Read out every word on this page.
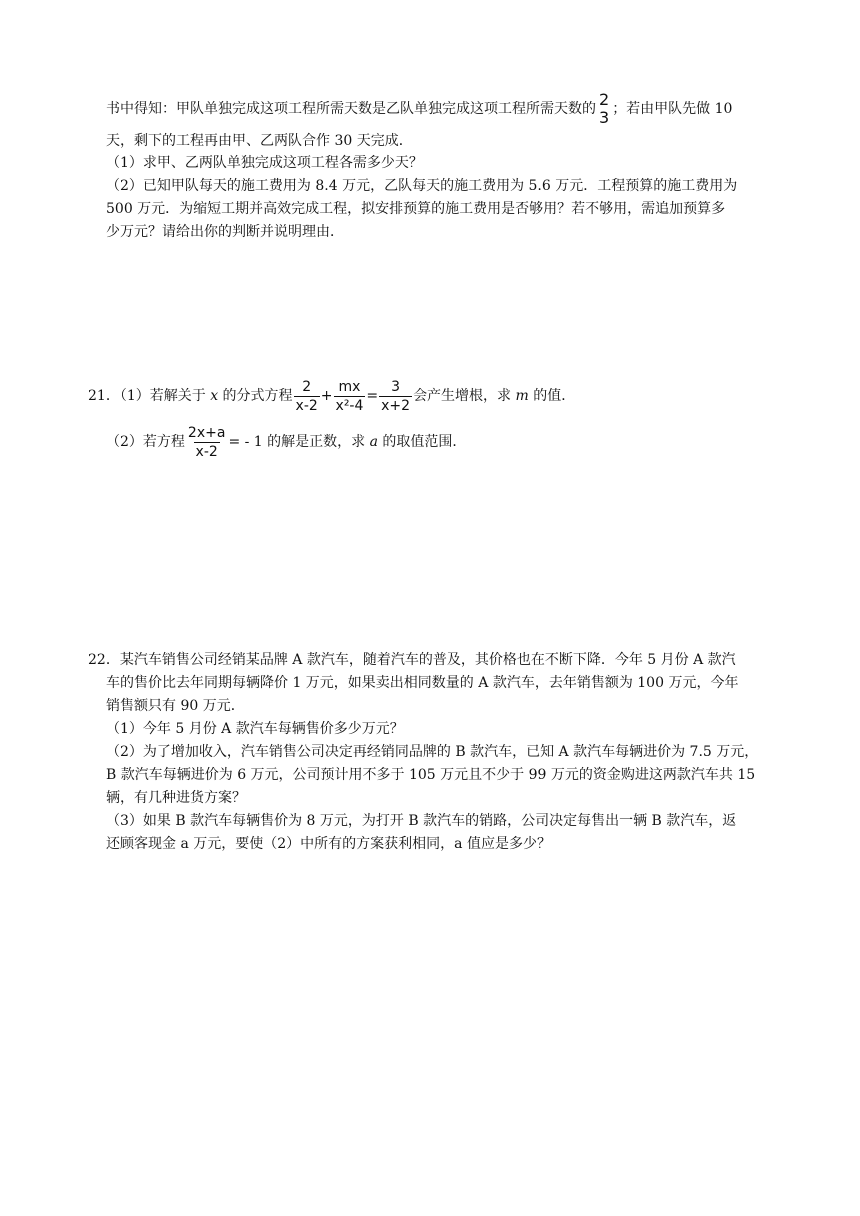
书中得知：甲队单独完成这项工程所需天数是乙队单独完成这项工程所需天数的 2
3 ；若由甲队先做 10
天，剩下的工程再由甲、乙两队合作 30 天完成．
（1）求甲、乙两队单独完成这项工程各需多少天？
（2）已知甲队每天的施工费用为 8.4 万元，乙队每天的施工费用为 5.6 万元．工程预算的施工费用为
500 万元．为缩短工期并高效完成工程，拟安排预算的施工费用是否够用？若不够用，需追加预算多
少万元？请给出你的判断并说明理由．
21．（1）若解关于 x 的分式方程 $\frac{2}{x-2} + \frac{mx}{\text{x²-4}} = \frac{3}{x+2}$ 会产生增根，求 m 的值．
（2）若方程 $\frac{2x+a}{x-2}$ = - 1 的解是正数，求 a 的取值范围．
22．某汽车销售公司经销某品牌 A 款汽车，随着汽车的普及，其价格也在不断下降．今年 5 月份 A 款汽
车的售价比去年同期每辆降价 1 万元，如果卖出相同数量的 A 款汽车，去年销售额为 100 万元，今年
销售额只有 90 万元．
（1）今年 5 月份 A 款汽车每辆售价多少万元？
（2）为了增加收入，汽车销售公司决定再经销同品牌的 B 款汽车，已知 A 款汽车每辆进价为 7.5 万元，
B 款汽车每辆进价为 6 万元，公司预计用不多于 105 万元且不少于 99 万元的资金购进这两款汽车共 15
辆，有几种进货方案？
（3）如果 B 款汽车每辆售价为 8 万元，为打开 B 款汽车的销路，公司决定每售出一辆 B 款汽车，返
还顾客现金 a 万元，要使（2）中所有的方案获利相同，a 值应是多少？
